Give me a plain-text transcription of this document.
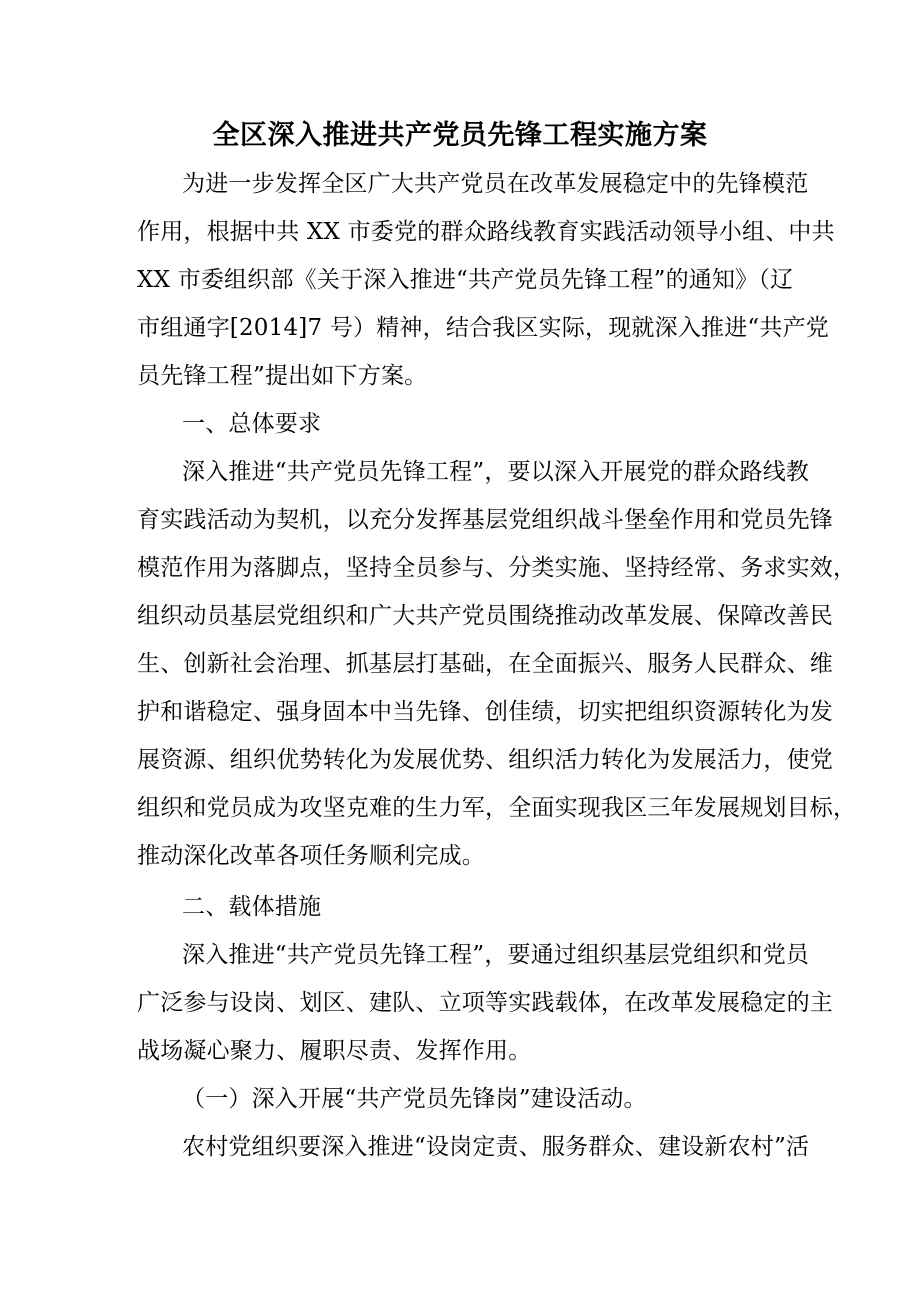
全区深入推进共产党员先锋工程实施方案
为进一步发挥全区广大共产党员在改革发展稳定中的先锋模范
作用，根据中共 XX 市委党的群众路线教育实践活动领导小组、中共
XX 市委组织部《关于深入推进“共产党员先锋工程”的通知》（辽
市组通字[2014]7 号）精神，结合我区实际，现就深入推进“共产党
员先锋工程”提出如下方案。
一、总体要求
深入推进“共产党员先锋工程”，要以深入开展党的群众路线教
育实践活动为契机，以充分发挥基层党组织战斗堡垒作用和党员先锋
模范作用为落脚点，坚持全员参与、分类实施、坚持经常、务求实效，
组织动员基层党组织和广大共产党员围绕推动改革发展、保障改善民
生、创新社会治理、抓基层打基础，在全面振兴、服务人民群众、维
护和谐稳定、强身固本中当先锋、创佳绩，切实把组织资源转化为发
展资源、组织优势转化为发展优势、组织活力转化为发展活力，使党
组织和党员成为攻坚克难的生力军，全面实现我区三年发展规划目标，
推动深化改革各项任务顺利完成。
二、载体措施
深入推进“共产党员先锋工程”，要通过组织基层党组织和党员
广泛参与设岗、划区、建队、立项等实践载体，在改革发展稳定的主
战场凝心聚力、履职尽责、发挥作用。
（一）深入开展“共产党员先锋岗”建设活动。
农村党组织要深入推进“设岗定责、服务群众、建设新农村”活
